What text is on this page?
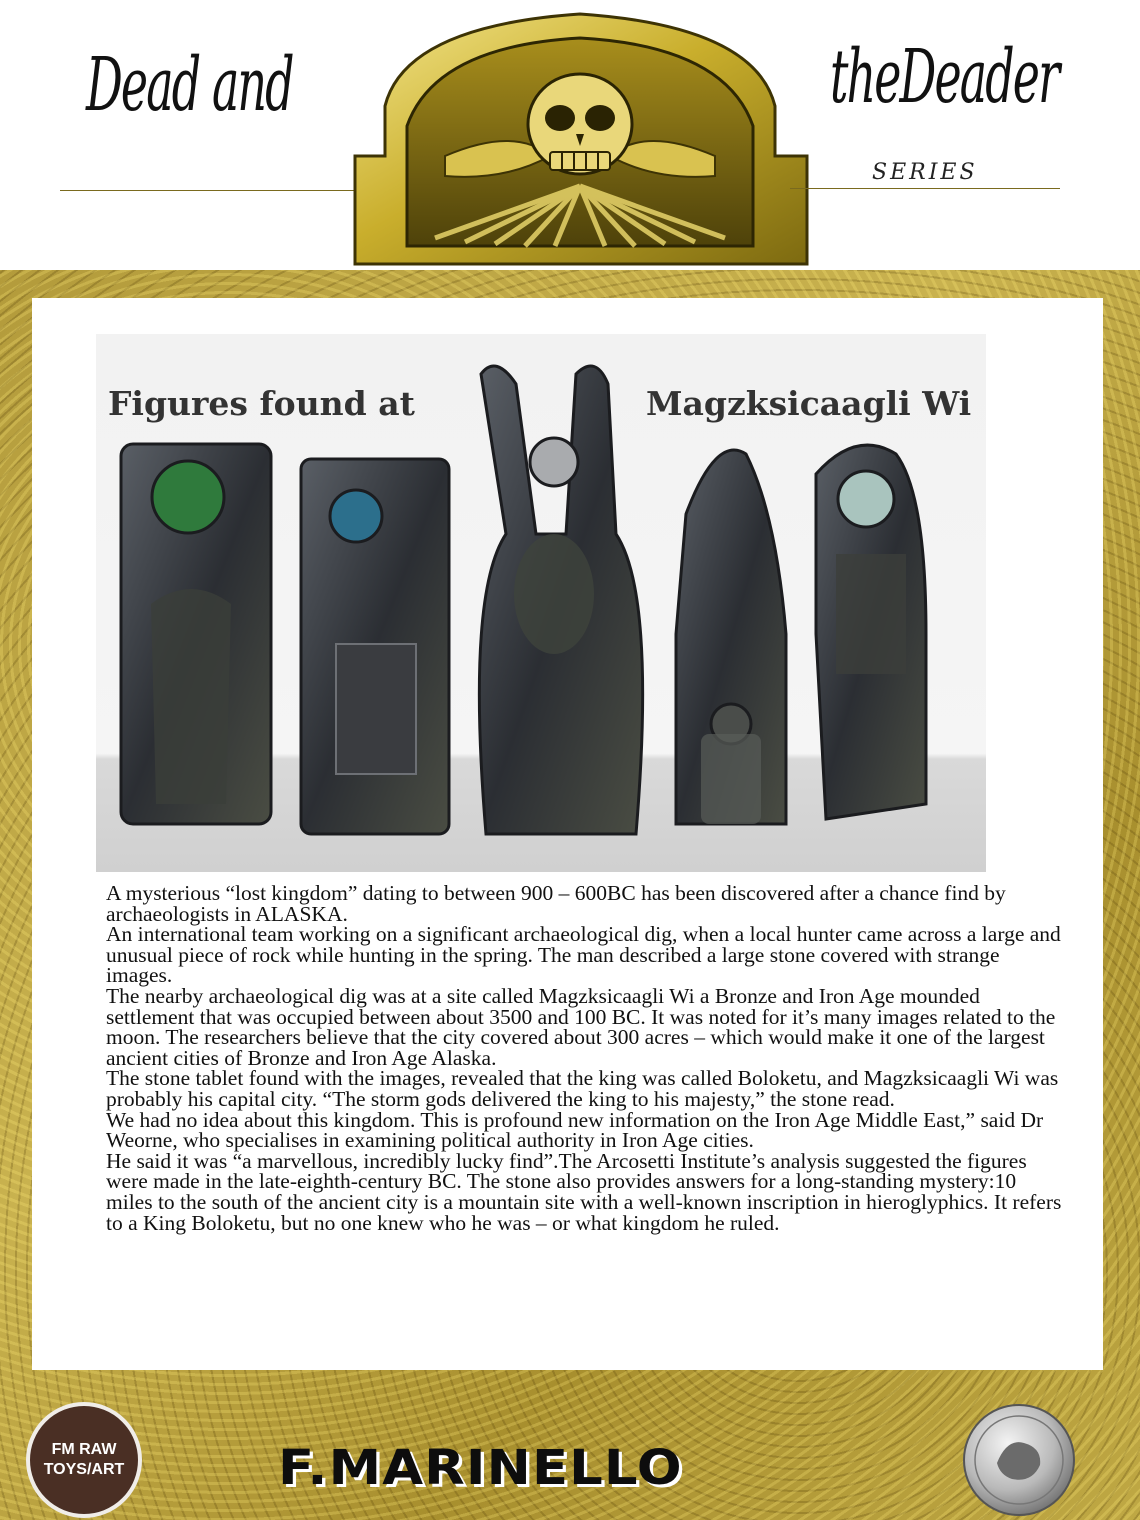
Dead and	theDeader
SERIES
Figures found at	Magzksicaagli Wi

A mysterious “lost kingdom” dating to between 900 – 600BC has been discovered after a chance find by archaeologists in ALASKA.

An international team working on a significant archaeological dig, when a local hunter came across a large and unusual piece of rock while hunting in the spring. The man described a large stone covered with strange images.

The nearby archaeological dig was at a site called Magzksicaagli Wi a Bronze and Iron Age mounded settlement that was occupied between about 3500 and 100 BC. It was noted for it’s many images related to the moon. The researchers believe that the city covered about 300 acres – which would make it one of the largest ancient cities of Bronze and Iron Age Alaska.

The stone tablet found with the images, revealed that the king was called Boloketu, and Magzksicaagli Wi was probably his capital city. “The storm gods delivered the king to his majesty,” the stone read.

We had no idea about this kingdom. This is profound new information on the Iron Age Middle East,” said Dr Weorne, who specialises in examining political authority in Iron Age cities.

He said it was “a marvellous, incredibly lucky find”.The Arcosetti Institute’s analysis suggested the figures were made in the late-eighth-century BC. The stone also provides answers for a long-standing mystery:10 miles to the south of the ancient city is a mountain site with a well-known inscription in hieroglyphics. It refers to a King Boloketu, but no one knew who he was – or what kingdom he ruled.

FM RAW
TOYS/ART	F.MARINELLO
